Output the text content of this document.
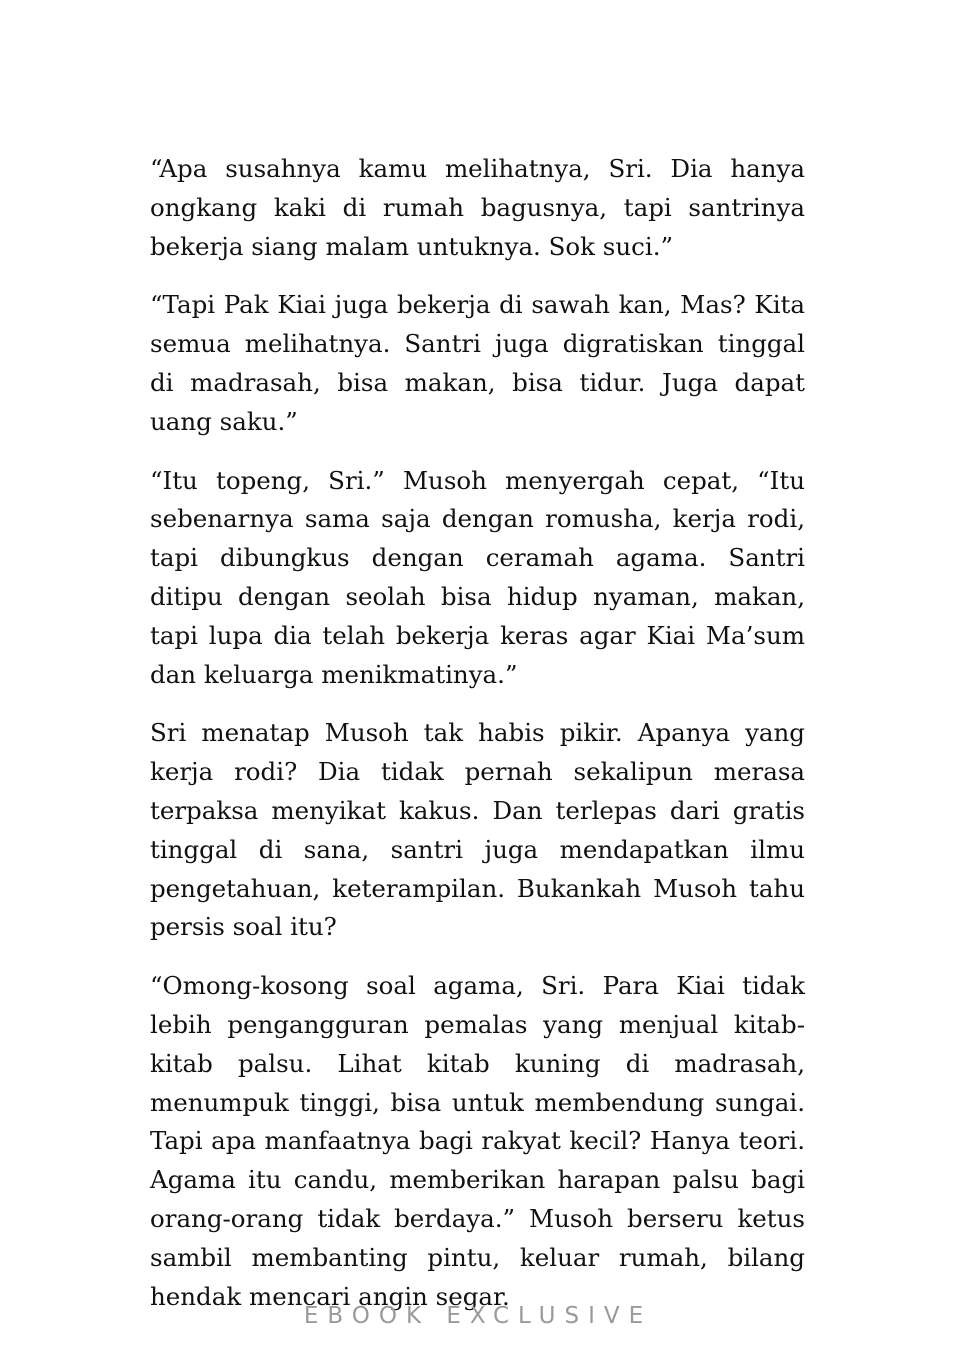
“Apa susahnya kamu melihatnya, Sri. Dia hanya ongkang kaki di rumah bagusnya, tapi santrinya bekerja siang malam untuknya. Sok suci.”

“Tapi Pak Kiai juga bekerja di sawah kan, Mas? Kita semua melihatnya. Santri juga digratiskan tinggal di madrasah, bisa makan, bisa tidur. Juga dapat uang saku.”

“Itu topeng, Sri.” Musoh menyergah cepat, “Itu sebenarnya sama saja dengan romusha, kerja rodi, tapi dibungkus dengan ceramah agama. Santri ditipu dengan seolah bisa hidup nyaman, makan, tapi lupa dia telah bekerja keras agar Kiai Ma’sum dan keluarga menikmatinya.”

Sri menatap Musoh tak habis pikir. Apanya yang kerja rodi? Dia tidak pernah sekalipun merasa terpaksa menyikat kakus. Dan terlepas dari gratis tinggal di sana, santri juga mendapatkan ilmu pengetahuan, keterampilan. Bukankah Musoh tahu persis soal itu?

“Omong-kosong soal agama, Sri. Para Kiai tidak lebih pengangguran pemalas yang menjual kitab-kitab palsu. Lihat kitab kuning di madrasah, menumpuk tinggi, bisa untuk membendung sungai. Tapi apa manfaatnya bagi rakyat kecil? Hanya teori. Agama itu candu, memberikan harapan palsu bagi orang-orang tidak berdaya.” Musoh berseru ketus sambil membanting pintu, keluar rumah, bilang hendak mencari angin segar.

EBOOK EXCLUSIVE
